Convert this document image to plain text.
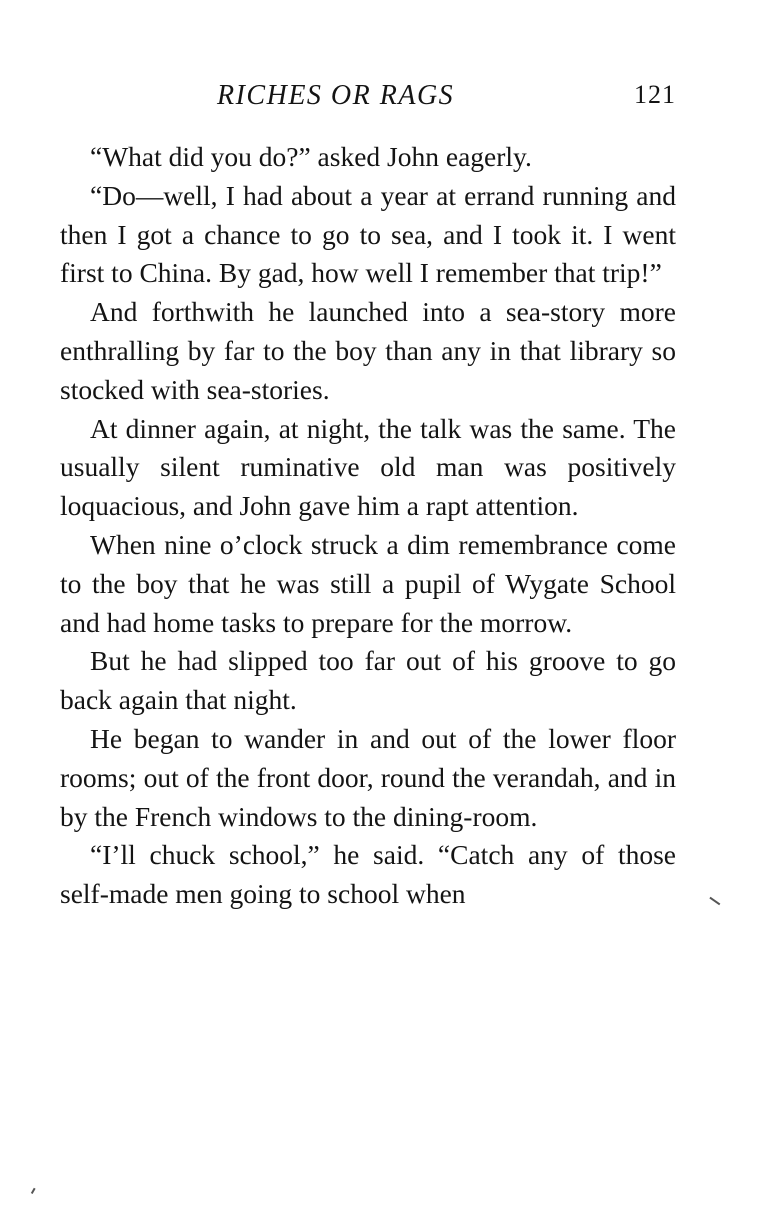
RICHES OR RAGS	121

“What did you do?” asked John eagerly.

“Do—well, I had about a year at errand running and then I got a chance to go to sea, and I took it. I went first to China. By gad, how well I remember that trip!”

And forthwith he launched into a sea-story more enthralling by far to the boy than any in that library so stocked with sea-stories.

At dinner again, at night, the talk was the same. The usually silent ruminative old man was positively loquacious, and John gave him a rapt attention.

When nine o’clock struck a dim remembrance come to the boy that he was still a pupil of Wygate School and had home tasks to prepare for the morrow.

But he had slipped too far out of his groove to go back again that night.

He began to wander in and out of the lower floor rooms; out of the front door, round the verandah, and in by the French windows to the dining-room.

“I’ll chuck school,” he said. “Catch any of those self-made men going to school when
